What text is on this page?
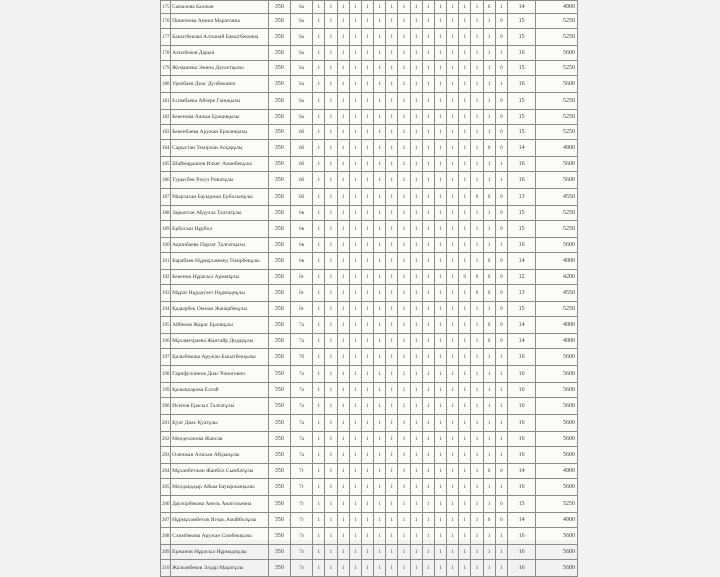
175	Самалова Балжан	350	6а	1	1	1	1	1	1	1	1	1	1	1	1	1	1	0	1	14	4900
176	Пшиенова Анина Маратовна	350	6а	1	1	1	1	1	1	1	1	1	1	1	1	1	1	1	0	15	5250
177	Бакытбекова Алтынай Бакытбековна	350	6а	1	1	1	1	1	1	1	1	1	1	1	1	1	1	1	0	15	5250
178	Ахилбеков Дарын	350	6а	1	1	1	1	1	1	1	1	1	1	1	1	1	1	1	1	16	5600
179	Жумашева Эмина Дәулетқызы	350	6а	1	1	1	1	1	1	1	1	1	1	1	1	1	1	1	0	15	5250
180	Урмібаев Диас Дулбекович	350	6а	1	1	1	1	1	1	1	1	1	1	1	1	1	1	1	1	16	5600
181	Есимбаева Айзере Ганиқызы	350	6а	1	1	1	1	1	1	1	1	1	1	1	1	1	1	1	0	15	5250
182	Бекенова Ажкан Ержанқызы	350	6а	1	1	1	1	1	1	1	1	1	1	1	1	1	1	1	0	15	5250
183	Бекенбаева Аружан Ержанқызы	350	6б	1	1	1	1	1	1	1	1	1	1	1	1	1	1	1	0	15	5250
184	Сарыстан Темірлан Асқарұлы	350	6б	1	1	1	1	1	1	1	1	1	1	1	1	1	1	0	0	14	4900
185	Шаймарданов Ильяс Аманбекұлы	350	6б	1	1	1	1	1	1	1	1	1	1	1	1	1	1	1	1	16	5600
186	Турысбек Расул Ринатұлы	350	6б	1	1	1	1	1	1	1	1	1	1	1	1	1	1	1	1	16	5600
187	Мырзахан Бауыржан Ербосынұлы	350	6б	1	1	1	1	1	1	1	1	1	1	1	1	1	0	0	0	13	4550
188	Зарыптан Абдулла Талғатұлы	350	6в	1	1	1	1	1	1	1	1	1	1	1	1	1	1	1	0	15	5250
189	Ербосын Нұрбол	350	6в	1	1	1	1	1	1	1	1	1	1	1	1	1	1	1	0	15	5250
190	Ақшибаева Парзат Талғатқызы	350	6в	1	1	1	1	1	1	1	1	1	1	1	1	1	1	1	1	16	5600
191	Карабаев Нұрмұхаммед Темірбекұлы	350	6в	1	1	1	1	1	1	1	1	1	1	1	1	1	1	0	0	14	4900
192	Бекенов Нұрасыл Арманұлы	350	6г	1	1	1	1	1	1	1	1	1	1	1	1	0	0	0	0	12	4200
193	Мұрат Нұрдәулет Нұрмадиұлы	350	6г	1	1	1	1	1	1	1	1	1	1	1	1	1	0	0	0	13	4550
194	Қадырбек Омжан Жанарбекұлы	350	6г	1	1	1	1	1	1	1	1	1	1	1	1	1	1	1	0	15	5250
195	Айбеков Жарас Ерланұлы	350	7а	1	1	1	1	1	1	1	1	1	1	1	1	1	1	0	0	14	4900
196	Мұхаметраева Жантайр Дидарұлы	350	7а	1	1	1	1	1	1	1	1	1	1	1	1	1	1	0	0	14	4900
197	Қалыбекова Аружан Бакытбекқызы	350	7б	1	1	1	1	1	1	1	1	1	1	1	1	1	1	1	1	16	5600
198	Гарифуллинов Диас Ринатович	350	7а	1	1	1	1	1	1	1	1	1	1	1	1	1	1	1	1	16	5600
199	Қалықпарова Елтай	350	7а	1	1	1	1	1	1	1	1	1	1	1	1	1	1	1	1	16	5600
200	Исенов Ерасыл Талғатұлы	350	7а	1	1	1	1	1	1	1	1	1	1	1	1	1	1	1	1	16	5600
201	Қуат Диас Қуатұлы	350	7а	1	1	1	1	1	1	1	1	1	1	1	1	1	1	1	1	16	5600
202	Мендеханова Жансая	350	7а	1	1	1	1	1	1	1	1	1	1	1	1	1	1	1	1	16	5600
203	Оленжан Алихан Айдынұлы	350	7а	1	1	1	1	1	1	1	1	1	1	1	1	1	1	1	1	16	5600
204	Мұханбетжан Жанбол Сымбатұлы	350	7г	1	1	1	1	1	1	1	1	1	1	1	1	1	1	0	0	14	4900
205	Молдақадыр Айым Бауыржанқызы	350	7г	1	1	1	1	1	1	1	1	1	1	1	1	1	1	1	1	16	5600
206	Даулорбекова Анель Анатольевна	350	7г	1	1	1	1	1	1	1	1	1	1	1	1	1	1	1	0	15	5250
207	Нұрмұхамбетов Игорь Амайболұлы	350	7г	1	1	1	1	1	1	1	1	1	1	1	1	1	1	0	0	14	4900
208	Слимбекова Аружан Симбекқызы	350	7з	1	1	1	1	1	1	1	1	1	1	1	1	1	1	1	1	16	5600
209	Ержанов Нұрасыл Нұрмадиұлы	350	7з	1	1	1	1	1	1	1	1	1	1	1	1	1	1	1	1	16	5600
210	Жалымбеков Элдар Маратұлы	350	7з	1	1	1	1	1	1	1	1	1	1	1	1	1	1	1	1	16	5600
